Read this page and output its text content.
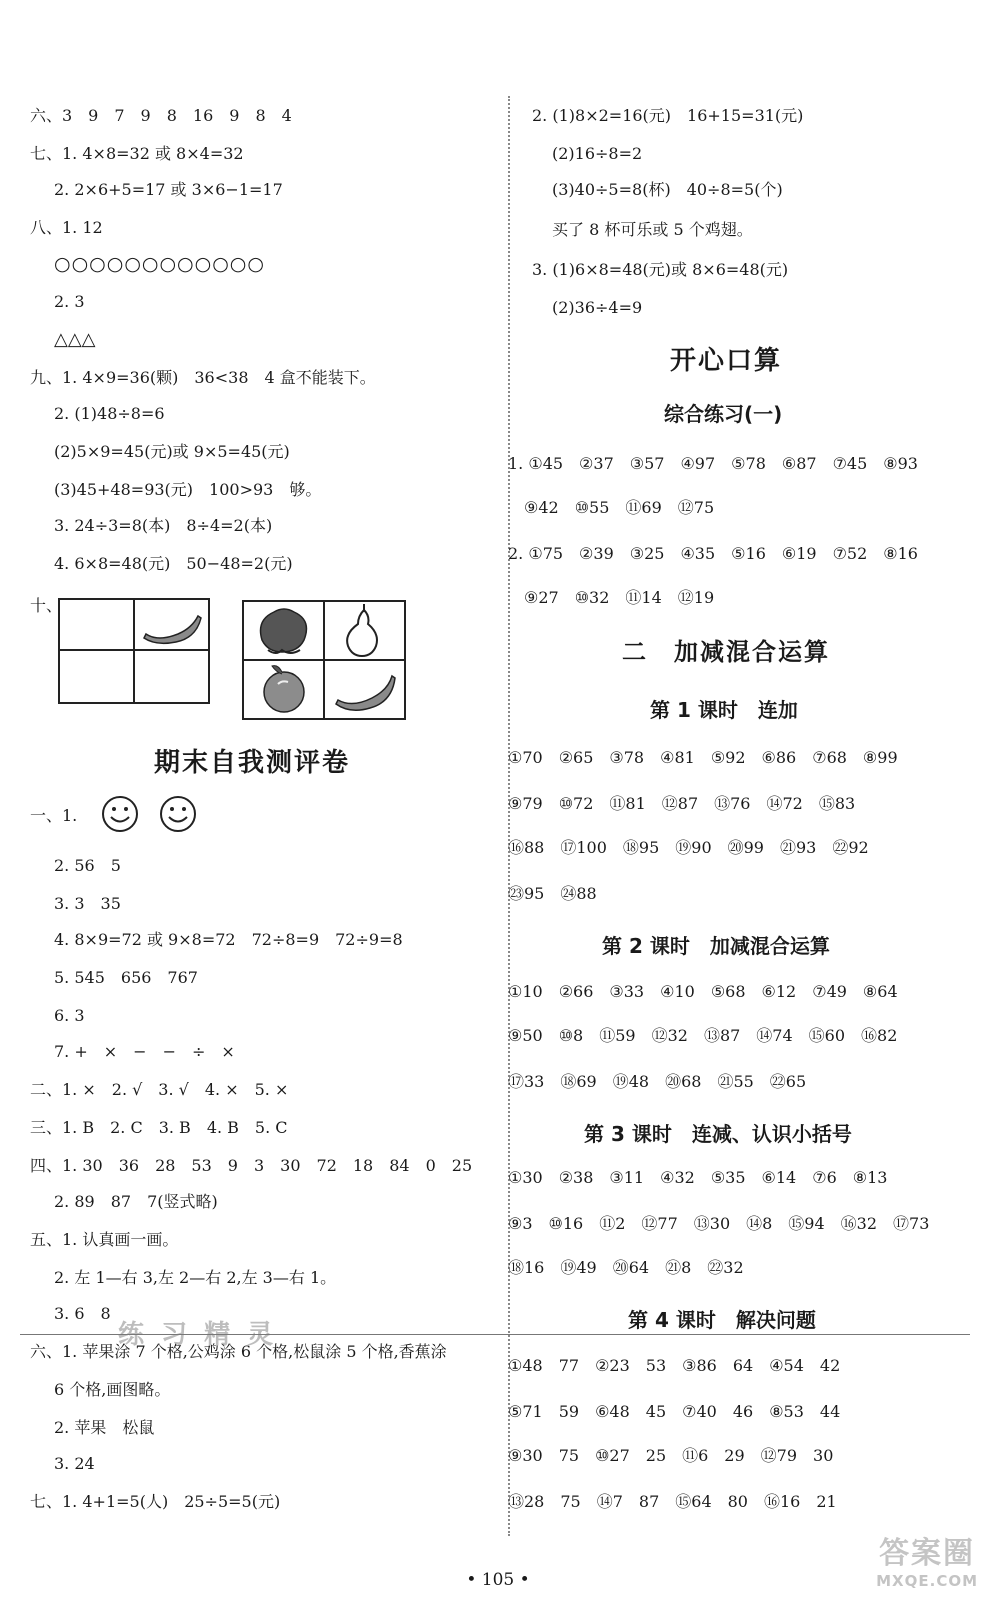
六、3　9　7　9　8　16　9　8　4
七、1. 4×8=32 或 8×4=32
2. 2×6+5=17 或 3×6−1=17
八、1. 12
○○○○○○○○○○○○
2. 3
△△△
九、1. 4×9=36(颗)　36<38　4 盒不能装下。
2. (1)48÷8=6
(2)5×9=45(元)或 9×5=45(元)
(3)45+48=93(元)　100>93　够。
3. 24÷3=8(本)　8÷4=2(本)
4. 6×8=48(元)　50−48=2(元)
十、
期末自我测评卷
一、1.
2. 56　5
3. 3　35
4. 8×9=72 或 9×8=72　72÷8=9　72÷9=8
5. 545　656　767
6. 3
7. +　×　−　−　÷　×
二、1. ×　2. √　3. √　4. ×　5. ×
三、1. B　2. C　3. B　4. B　5. C
四、1. 30　36　28　53　9　3　30　72　18　84　0　25
2. 89　87　7(竖式略)
五、1. 认真画一画。
2. 左 1—右 3,左 2—右 2,左 3—右 1。
3. 6　8
六、1. 苹果涂 7 个格,公鸡涂 6 个格,松鼠涂 5 个格,香蕉涂
6 个格,画图略。
2. 苹果　松鼠
3. 24
七、1. 4+1=5(人)　25÷5=5(元)
练 习 精 灵
2. (1)8×2=16(元)　16+15=31(元)
(2)16÷8=2
(3)40÷5=8(杯)　40÷8=5(个)
买了 8 杯可乐或 5 个鸡翅。
3. (1)6×8=48(元)或 8×6=48(元)
(2)36÷4=9
开心口算
综合练习(一)
1. ①45　②37　③57　④97　⑤78　⑥87　⑦45　⑧93
⑨42　⑩55　⑪69　⑫75
2. ①75　②39　③25　④35　⑤16　⑥19　⑦52　⑧16
⑨27　⑩32　⑪14　⑫19
二　加减混合运算
第 1 课时　连加
①70　②65　③78　④81　⑤92　⑥86　⑦68　⑧99
⑨79　⑩72　⑪81　⑫87　⑬76　⑭72　⑮83
⑯88　⑰100　⑱95　⑲90　⑳99　㉑93　㉒92
㉓95　㉔88
第 2 课时　加减混合运算
①10　②66　③33　④10　⑤68　⑥12　⑦49　⑧64
⑨50　⑩8　⑪59　⑫32　⑬87　⑭74　⑮60　⑯82
⑰33　⑱69　⑲48　⑳68　㉑55　㉒65
第 3 课时　连减、认识小括号
①30　②38　③11　④32　⑤35　⑥14　⑦6　⑧13
⑨3　⑩16　⑪2　⑫77　⑬30　⑭8　⑮94　⑯32　⑰73
⑱16　⑲49　⑳64　㉑8　㉒32
第 4 课时　解决问题
①48　77　②23　53　③86　64　④54　42
⑤71　59　⑥48　45　⑦40　46　⑧53　44
⑨30　75　⑩27　25　⑪6　29　⑫79　30
⑬28　75　⑭7　87　⑮64　80　⑯16　21
• 105 •
答案圈
MXQE.COM
